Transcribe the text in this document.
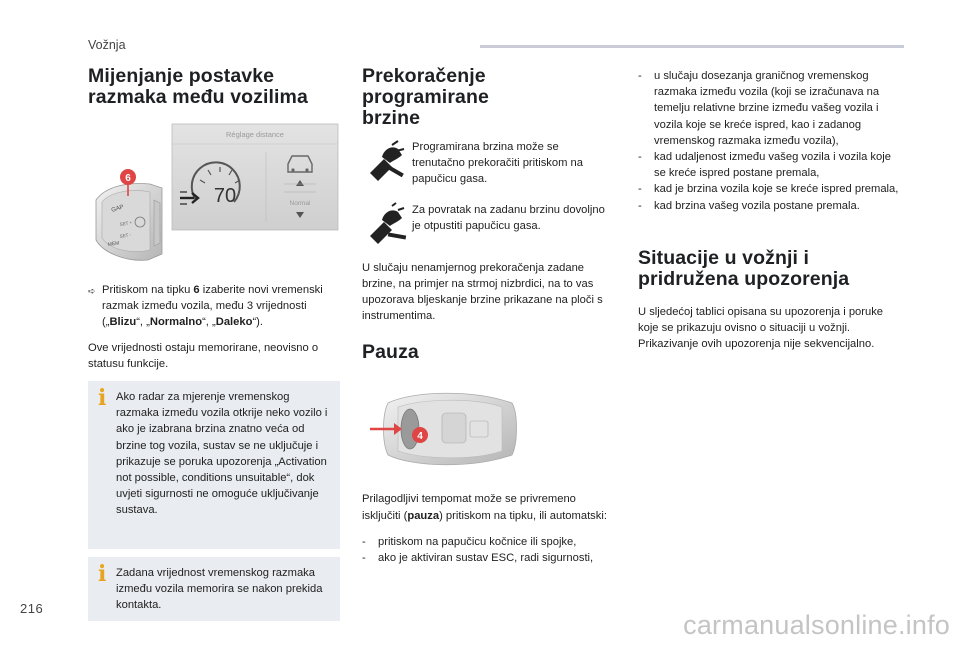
Vožnja
Mijenjanje postavke
razmaka među vozilima
GAP
SET +
SET -
MEM
6
Réglage distance
70	Normal
➪ Pritiskom na tipku 6 izaberite novi vremenski razmak između vozila, među 3 vrijednosti („Blizu“, „Normalno“, „Daleko“).

Ove vrijednosti ostaju memorirane, neovisno o statusu funkcije.

i Ako radar za mjerenje vremenskog razmaka između vozila otkrije neko vozilo i ako je izabrana brzina znatno veća od brzine tog vozila, sustav se ne uključuje i prikazuje se poruka upozorenja „Activation not possible, conditions unsuitable“, dok uvjeti sigurnosti ne omoguće uključivanje sustava.
i Zadana vrijednost vremenskog razmaka između vozila memorira se nakon prekida kontakta.
Prekoračenje programirane
brzine
Programirana brzina može se trenutačno prekoračiti pritiskom na papučicu gasa.
Za povratak na zadanu brzinu dovoljno je otpustiti papučicu gasa.

U slučaju nenamjernog prekoračenja zadane brzine, na primjer na strmoj nizbrdici, na to vas upozorava bljeskanje brzine prikazane na ploči s instrumentima.

Pauza
4

Prilagodljivi tempomat može se privremeno isključiti (pauza) pritiskom na tipku, ili automatski:

-	pritiskom na papučicu kočnice ili spojke,
-	ako je aktiviran sustav ESC, radi sigurnosti,
-	u slučaju dosezanja graničnog vremenskog razmaka između vozila (koji se izračunava na temelju relativne brzine između vašeg vozila i vozila koje se kreće ispred, kao i zadanog vremenskog razmaka između vozila),
-	kad udaljenost između vašeg vozila i vozila koje se kreće ispred postane premala,
-	kad je brzina vozila koje se kreće ispred premala,
-	kad brzina vašeg vozila postane premala.
Situacije u vožnji i
pridružena upozorenja

U sljedećoj tablici opisana su upozorenja i poruke koje se prikazuju ovisno o situaciji u vožnji.

Prikazivanje ovih upozorenja nije sekvencijalno.

216
carmanualsonline.info
